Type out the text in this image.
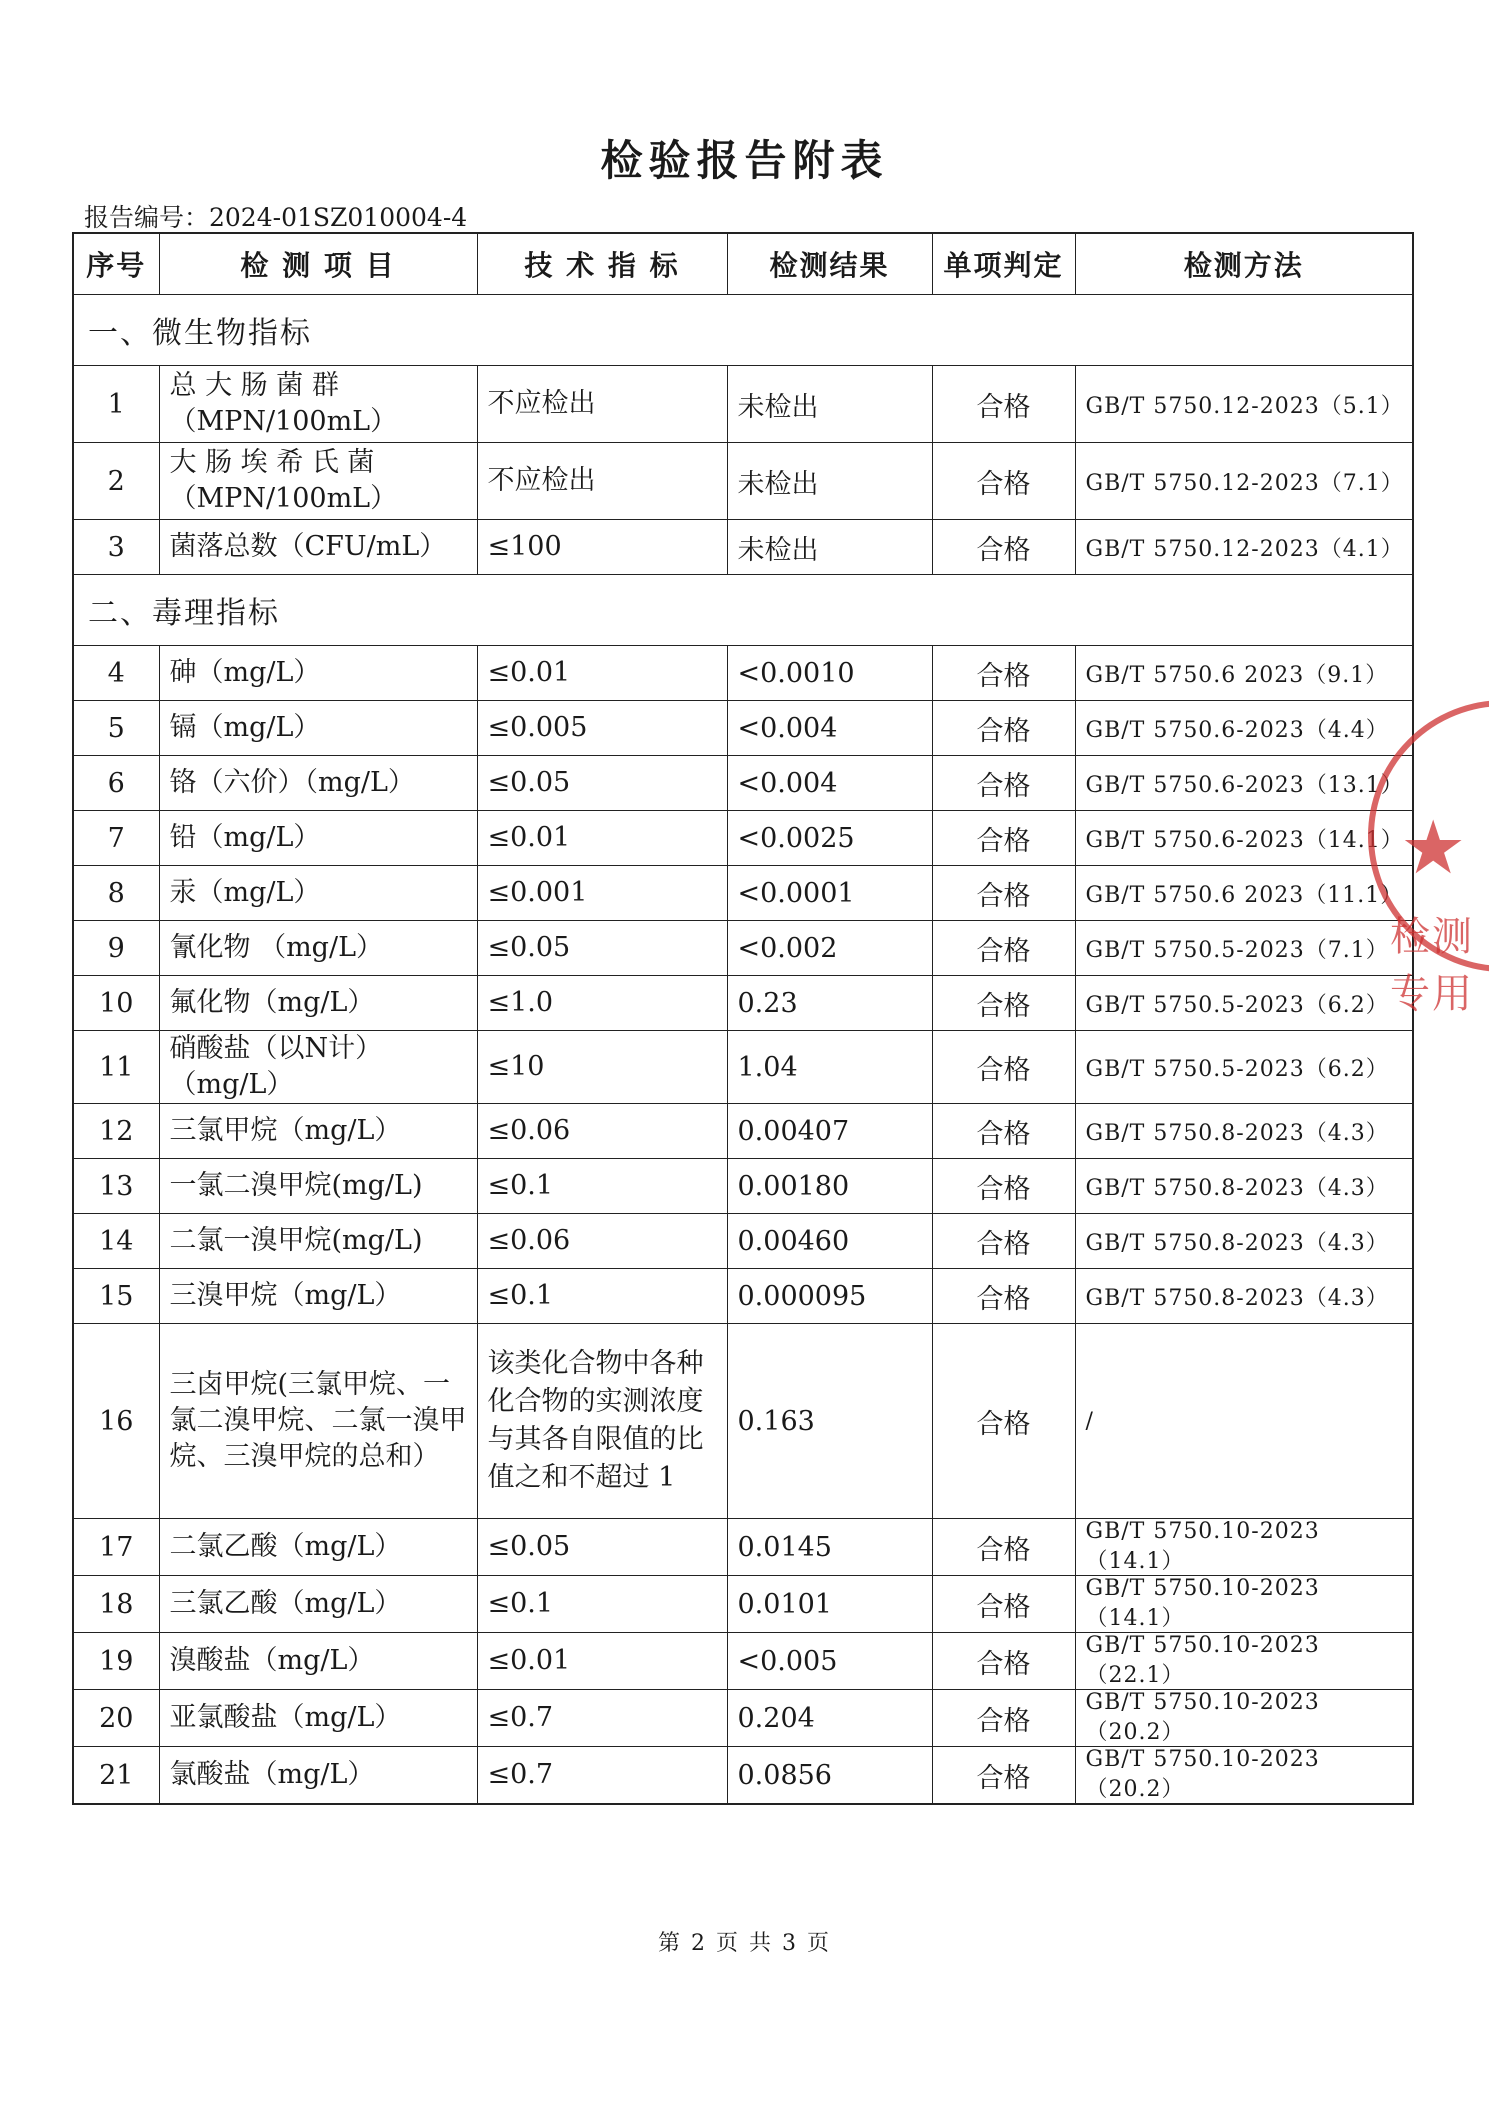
检验报告附表
报告编号：2024-01SZ010004-4
序号	检 测 项 目	技 术 指 标	检测结果	单项判定	检测方法
一、微生物指标					
1	总 大 肠 菌 群 （MPN/100mL）	不应检出	未检出	合格	GB/T 5750.12-2023（5.1）
2	大 肠 埃 希 氏 菌 （MPN/100mL）	不应检出	未检出	合格	GB/T 5750.12-2023（7.1）
3	菌落总数（CFU/mL）	≤100	未检出	合格	GB/T 5750.12-2023（4.1）
二、毒理指标					
4	砷（mg/L）	≤0.01	<0.0010	合格	GB/T 5750.6 2023（9.1）
5	镉（mg/L）	≤0.005	<0.004	合格	GB/T 5750.6-2023（4.4）
6	铬（六价）（mg/L）	≤0.05	<0.004	合格	GB/T 5750.6-2023（13.1）
7	铅（mg/L）	≤0.01	<0.0025	合格	GB/T 5750.6-2023（14.1）
8	汞（mg/L）	≤0.001	<0.0001	合格	GB/T 5750.6 2023（11.1）
9	氰化物 （mg/L）	≤0.05	<0.002	合格	GB/T 5750.5-2023（7.1）
10	氟化物（mg/L）	≤1.0	0.23	合格	GB/T 5750.5-2023（6.2）
11	硝酸盐（以N计）（mg/L）	≤10	1.04	合格	GB/T 5750.5-2023（6.2）
12	三氯甲烷（mg/L）	≤0.06	0.00407	合格	GB/T 5750.8-2023（4.3）
13	一氯二溴甲烷(mg/L)	≤0.1	0.00180	合格	GB/T 5750.8-2023（4.3）
14	二氯一溴甲烷(mg/L)	≤0.06	0.00460	合格	GB/T 5750.8-2023（4.3）
15	三溴甲烷（mg/L）	≤0.1	0.000095	合格	GB/T 5750.8-2023（4.3）
16	三卤甲烷(三氯甲烷、一氯二溴甲烷、二氯一溴甲烷、三溴甲烷的总和）	该类化合物中各种化合物的实测浓度与其各自限值的比值之和不超过 1	0.163	合格	/
17	二氯乙酸（mg/L）	≤0.05	0.0145	合格	GB/T 5750.10-2023（14.1）
18	三氯乙酸（mg/L）	≤0.1	0.0101	合格	GB/T 5750.10-2023（14.1）
19	溴酸盐（mg/L）	≤0.01	<0.005	合格	GB/T 5750.10-2023（22.1）
20	亚氯酸盐（mg/L）	≤0.7	0.204	合格	GB/T 5750.10-2023（20.2）
21	氯酸盐（mg/L）	≤0.7	0.0856	合格	GB/T 5750.10-2023（20.2）
★
检测专用
第 2 页 共 3 页
